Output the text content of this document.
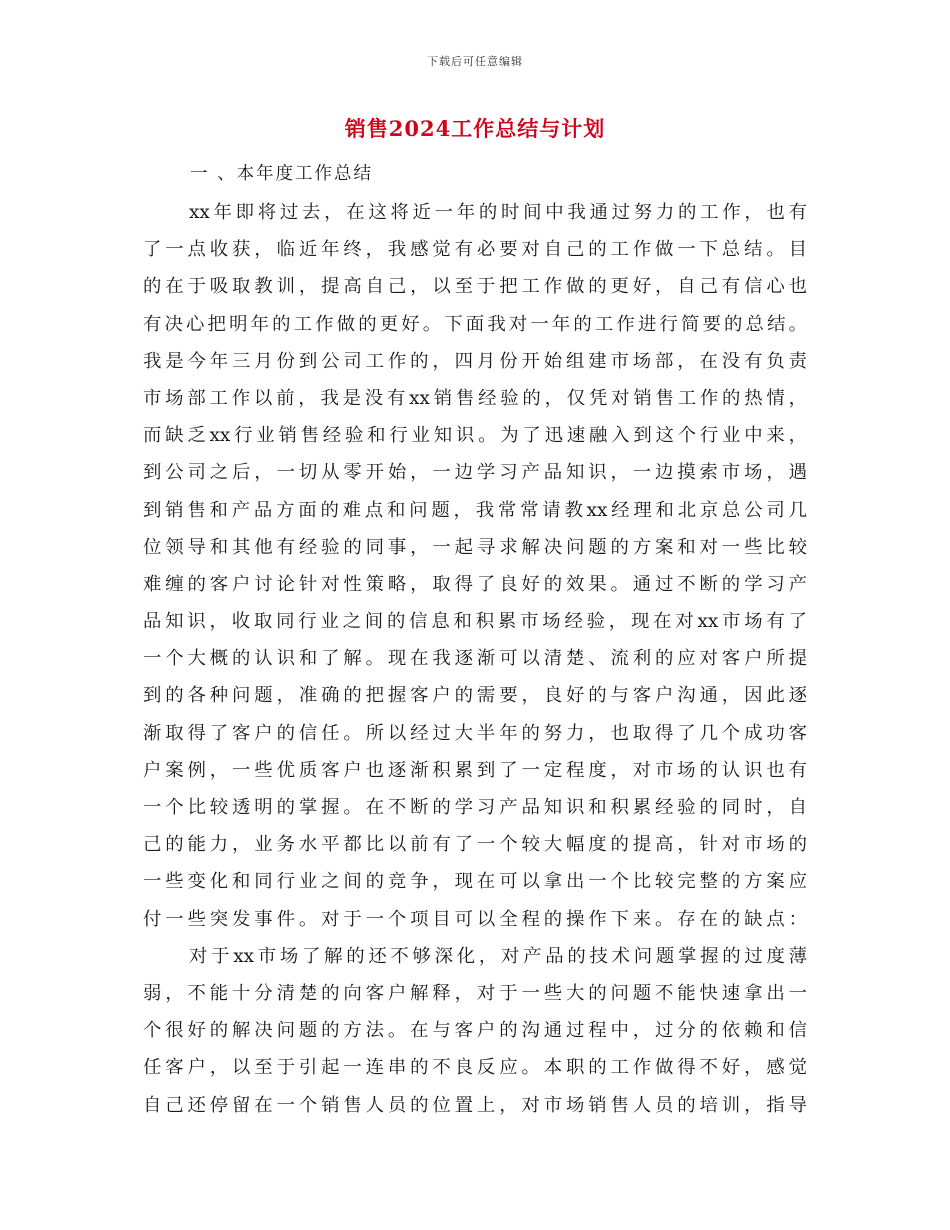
下载后可任意编辑
销售2024工作总结与计划
一 、本年度工作总结
xx年即将过去，在这将近一年的时间中我通过努力的工作，也有
了一点收获，临近年终，我感觉有必要对自己的工作做一下总结。目
的在于吸取教训，提高自己，以至于把工作做的更好，自己有信心也
有决心把明年的工作做的更好。下面我对一年的工作进行简要的总结。
我是今年三月份到公司工作的，四月份开始组建市场部，在没有负责
市场部工作以前，我是没有xx销售经验的，仅凭对销售工作的热情，
而缺乏xx行业销售经验和行业知识。为了迅速融入到这个行业中来，
到公司之后，一切从零开始，一边学习产品知识，一边摸索市场，遇
到销售和产品方面的难点和问题，我常常请教xx经理和北京总公司几
位领导和其他有经验的同事，一起寻求解决问题的方案和对一些比较
难缠的客户讨论针对性策略，取得了良好的效果。通过不断的学习产
品知识，收取同行业之间的信息和积累市场经验，现在对xx市场有了
一个大概的认识和了解。现在我逐渐可以清楚、流利的应对客户所提
到的各种问题，准确的把握客户的需要，良好的与客户沟通，因此逐
渐取得了客户的信任。所以经过大半年的努力，也取得了几个成功客
户案例，一些优质客户也逐渐积累到了一定程度，对市场的认识也有
一个比较透明的掌握。在不断的学习产品知识和积累经验的同时，自
己的能力，业务水平都比以前有了一个较大幅度的提高，针对市场的
一些变化和同行业之间的竞争，现在可以拿出一个比较完整的方案应
付一些突发事件。对于一个项目可以全程的操作下来。存在的缺点：
对于xx市场了解的还不够深化，对产品的技术问题掌握的过度薄
弱，不能十分清楚的向客户解释，对于一些大的问题不能快速拿出一
个很好的解决问题的方法。在与客户的沟通过程中，过分的依赖和信
任客户，以至于引起一连串的不良反应。本职的工作做得不好，感觉
自己还停留在一个销售人员的位置上，对市场销售人员的培训，指导
